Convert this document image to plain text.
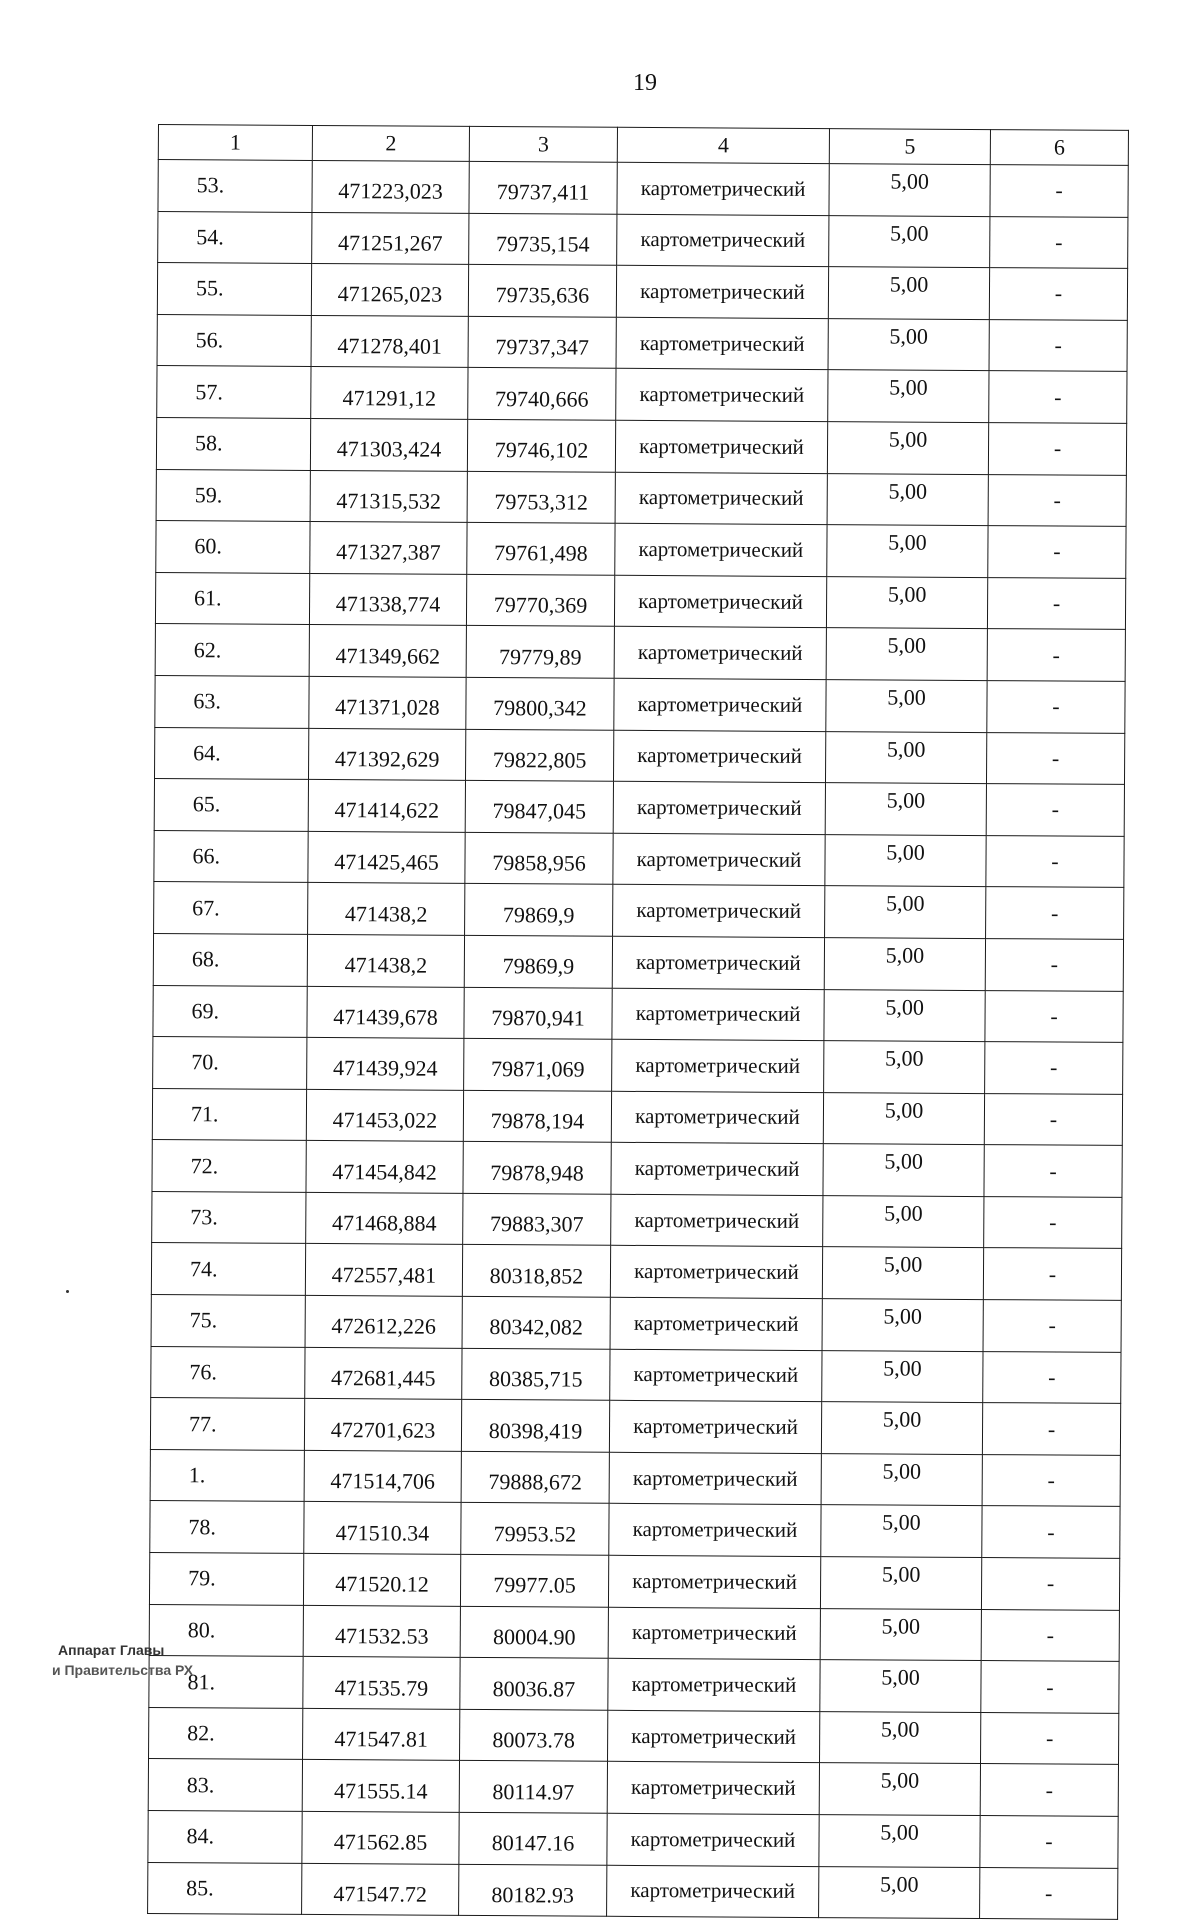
19
1	2	3	4	5	6
53.	471223,023	79737,411	картометрический	5,00	-
54.	471251,267	79735,154	картометрический	5,00	-
55.	471265,023	79735,636	картометрический	5,00	-
56.	471278,401	79737,347	картометрический	5,00	-
57.	471291,12	79740,666	картометрический	5,00	-
58.	471303,424	79746,102	картометрический	5,00	-
59.	471315,532	79753,312	картометрический	5,00	-
60.	471327,387	79761,498	картометрический	5,00	-
61.	471338,774	79770,369	картометрический	5,00	-
62.	471349,662	79779,89	картометрический	5,00	-
63.	471371,028	79800,342	картометрический	5,00	-
64.	471392,629	79822,805	картометрический	5,00	-
65.	471414,622	79847,045	картометрический	5,00	-
66.	471425,465	79858,956	картометрический	5,00	-
67.	471438,2	79869,9	картометрический	5,00	-
68.	471438,2	79869,9	картометрический	5,00	-
69.	471439,678	79870,941	картометрический	5,00	-
70.	471439,924	79871,069	картометрический	5,00	-
71.	471453,022	79878,194	картометрический	5,00	-
72.	471454,842	79878,948	картометрический	5,00	-
73.	471468,884	79883,307	картометрический	5,00	-
74.	472557,481	80318,852	картометрический	5,00	-
75.	472612,226	80342,082	картометрический	5,00	-
76.	472681,445	80385,715	картометрический	5,00	-
77.	472701,623	80398,419	картометрический	5,00	-
1.	471514,706	79888,672	картометрический	5,00	-
78.	471510.34	79953.52	картометрический	5,00	-
79.	471520.12	79977.05	картометрический	5,00	-
80.	471532.53	80004.90	картометрический	5,00	-
81.	471535.79	80036.87	картометрический	5,00	-
82.	471547.81	80073.78	картометрический	5,00	-
83.	471555.14	80114.97	картометрический	5,00	-
84.	471562.85	80147.16	картометрический	5,00	-
85.	471547.72	80182.93	картометрический	5,00	-
Аппарат Главы
и Правительства РХ
